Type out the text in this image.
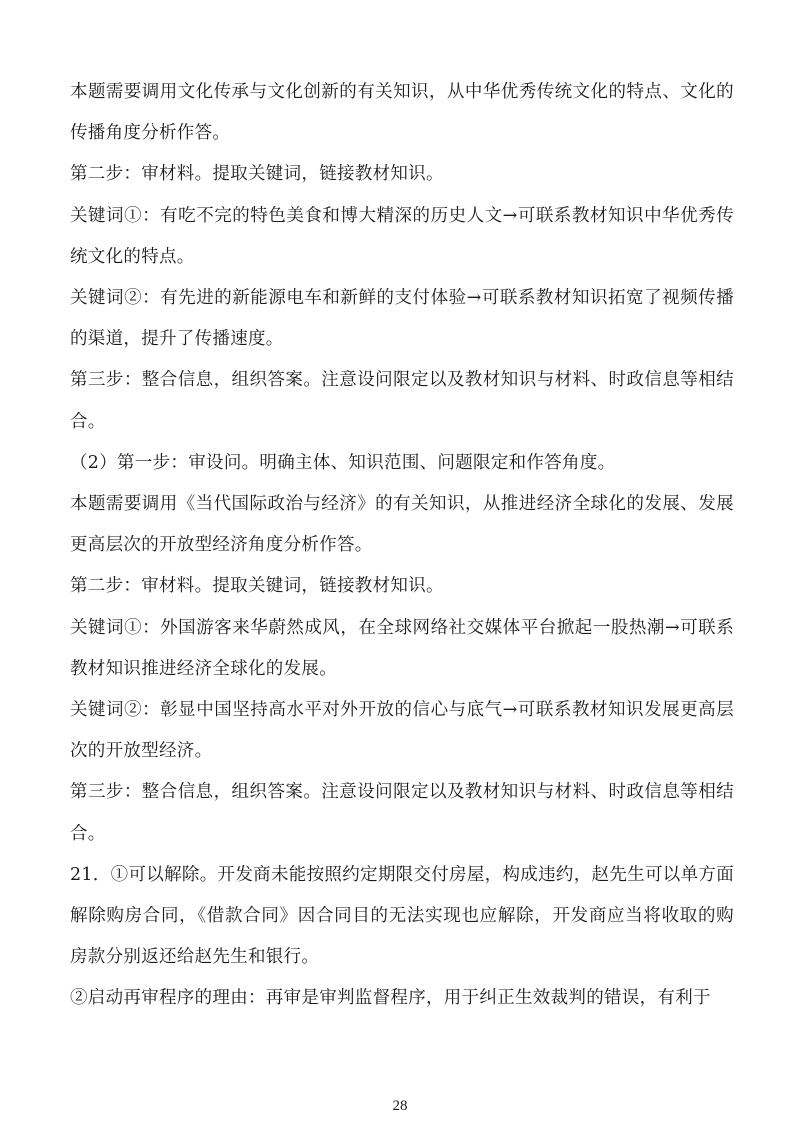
本题需要调用文化传承与文化创新的有关知识，从中华优秀传统文化的特点、文化的传播角度分析作答。

第二步：审材料。提取关键词，链接教材知识。

关键词①：有吃不完的特色美食和博大精深的历史人文→可联系教材知识中华优秀传统文化的特点。

关键词②：有先进的新能源电车和新鲜的支付体验→可联系教材知识拓宽了视频传播的渠道，提升了传播速度。

第三步：整合信息，组织答案。注意设问限定以及教材知识与材料、时政信息等相结合。

（2）第一步：审设问。明确主体、知识范围、问题限定和作答角度。

本题需要调用《当代国际政治与经济》的有关知识，从推进经济全球化的发展、发展更高层次的开放型经济角度分析作答。

第二步：审材料。提取关键词，链接教材知识。

关键词①：外国游客来华蔚然成风，在全球网络社交媒体平台掀起一股热潮→可联系教材知识推进经济全球化的发展。

关键词②：彰显中国坚持高水平对外开放的信心与底气→可联系教材知识发展更高层次的开放型经济。

第三步：整合信息，组织答案。注意设问限定以及教材知识与材料、时政信息等相结合。

21．①可以解除。开发商未能按照约定期限交付房屋，构成违约，赵先生可以单方面解除购房合同，《借款合同》因合同目的无法实现也应解除，开发商应当将收取的购房款分别返还给赵先生和银行。

②启动再审程序的理由：再审是审判监督程序，用于纠正生效裁判的错误，有利于

28
